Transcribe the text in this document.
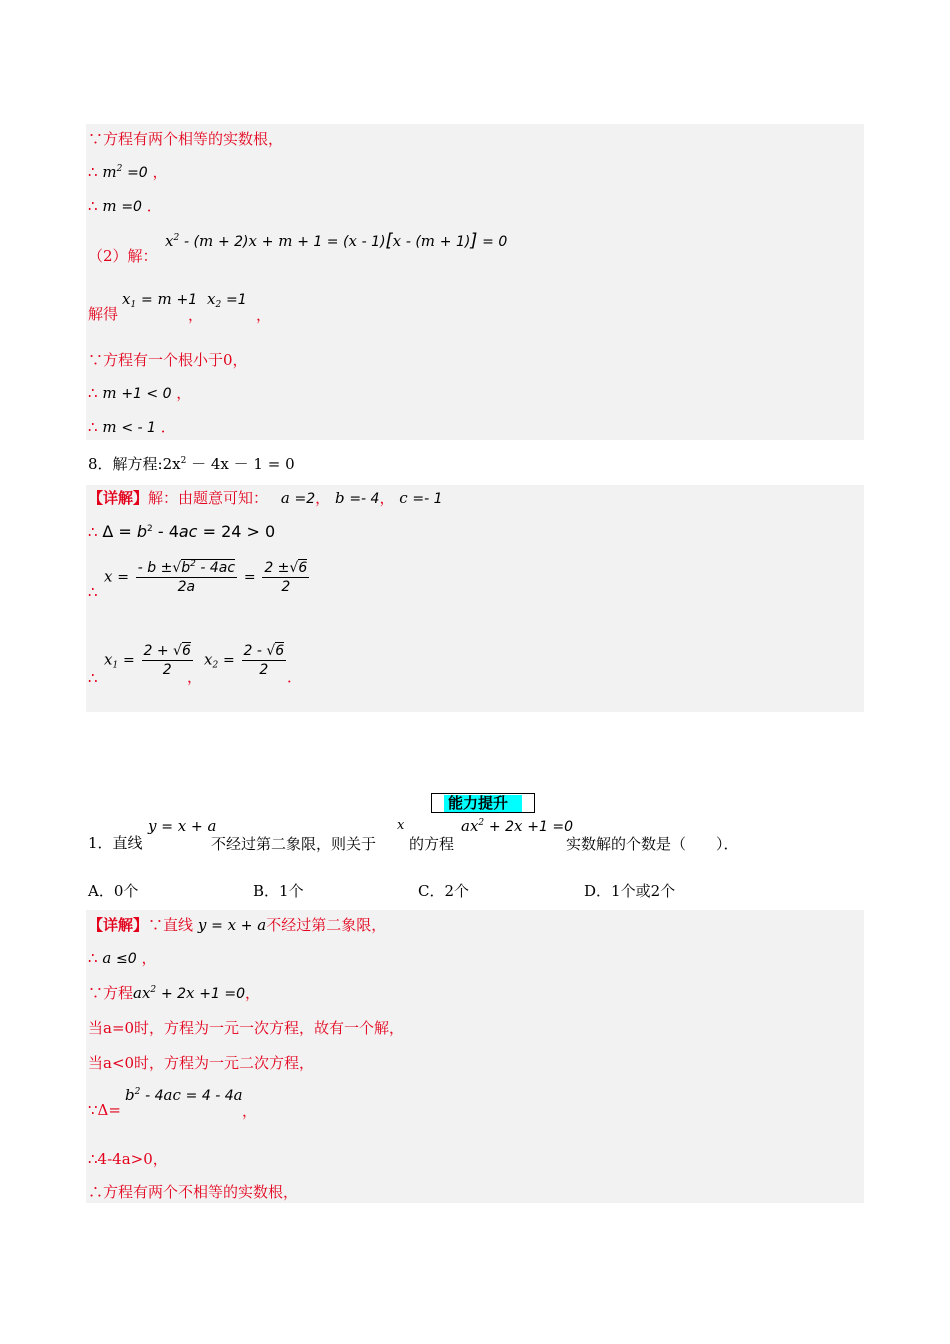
∵方程有两个相等的实数根，
∴ $m^2 =0$ ，
∴ m =0 ．
（2）解：
$x^2 - (m + 2)x + m + 1 = (x - 1)[x - (m + 1)] = 0$
解得
$x_1 = m +1$
，
$x_2 =1$
，
∵方程有一个根小于0，
∴ m +1 < 0 ，
∴ m < - 1 ．
8．解方程$:2x^2 - 4x - 1 = 0$
【详解】解：由题意可知： a =2， b =- 4， c =- 1
∴ $\Delta = b^2 - 4ac = 24 > 0$
∴
$x = \frac{- b \pm√b^2 - 4ac}{2a} = \frac{2 \pm√6}{2}$
∴
$x_1 = \frac{2 + √6}{2}$
，
$x_2 = \frac{2 - √6}{2}$ ．
能力提升
1．直线
y = x + a
不经过第二象限，则关于
x
的方程
$ax^2 + 2x +1 =0$
实数解的个数是（　　）．
A．0个	B．1个	C．2个	D．1个或2个
【详解】∵直线 y = x + a不经过第二象限，
∴ a ≤0 ，
∵方程$ax^2 + 2x +1 =0$，
当a=0时，方程为一元一次方程，故有一个解，
当a<0时，方程为一元二次方程，
∵Δ=
$b^2 - 4ac = 4 - 4a$
，
∴4-4a>0，
∴方程有两个不相等的实数根，
